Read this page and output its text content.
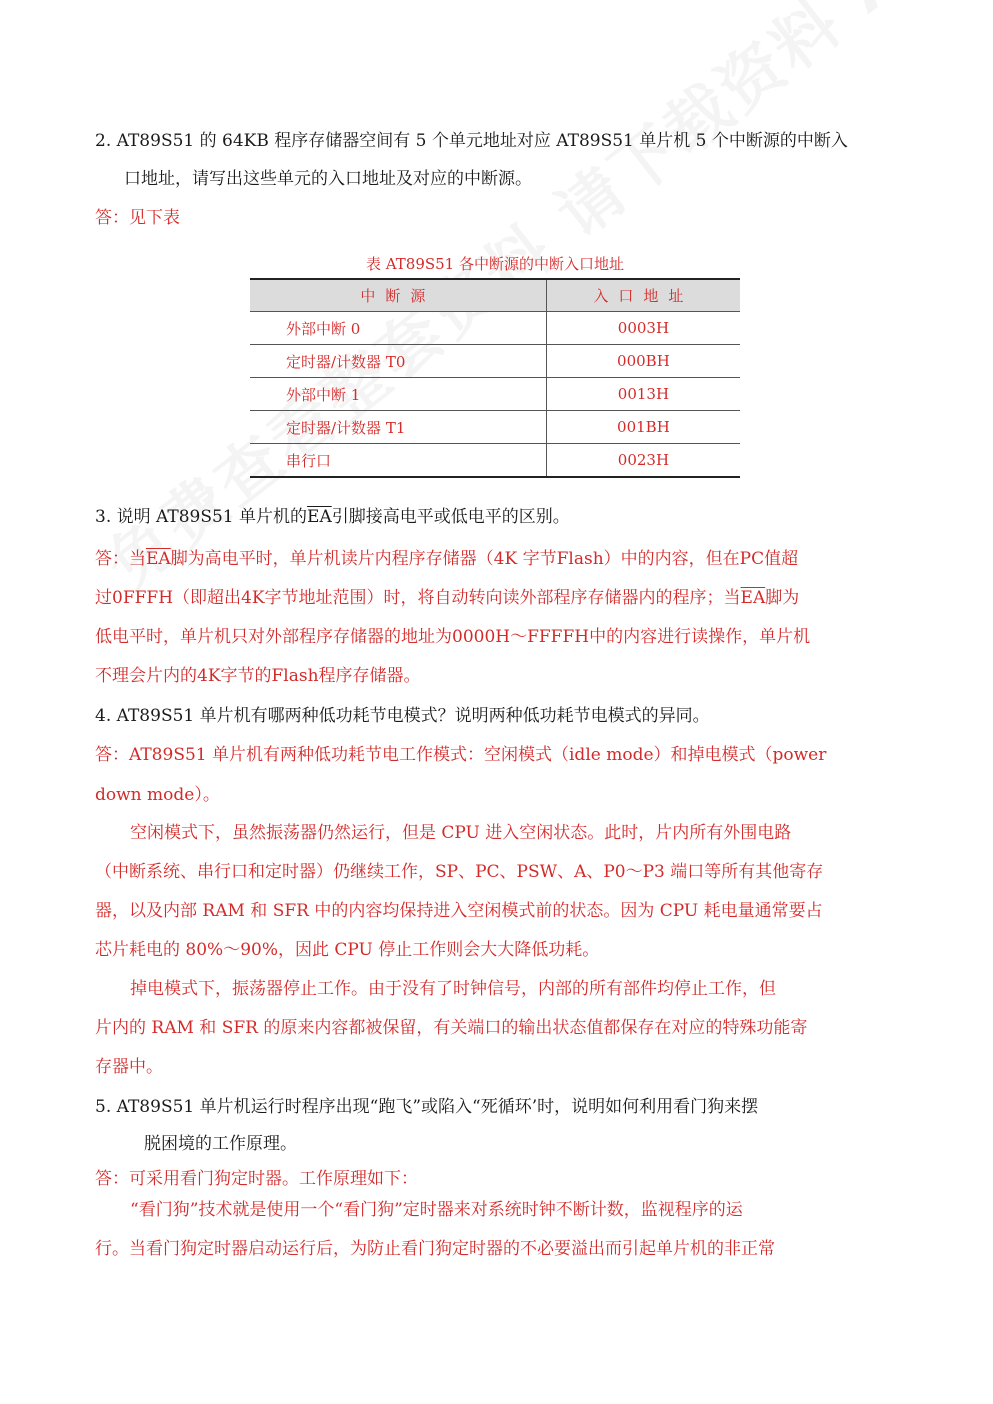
2. AT89S51 的 64KB 程序存储器空间有 5 个单元地址对应 AT89S51 单片机 5 个中断源的中断入
口地址，请写出这些单元的入口地址及对应的中断源。
答：见下表
表 AT89S51 各中断源的中断入口地址
中断源	入口地址
外部中断 0	0003H
定时器/计数器 T0	000BH
外部中断 1	0013H
定时器/计数器 T1	001BH
串行口	0023H
3. 说明 AT89S51 单片机的$\overline{EA}$引脚接高电平或低电平的区别。
答：当$\overline{EA}$脚为高电平时，单片机读片内程序存储器（4K 字节Flash）中的内容，但在PC值超
过0FFFH（即超出4K字节地址范围）时，将自动转向读外部程序存储器内的程序；当$\overline{EA}$脚为
低电平时，单片机只对外部程序存储器的地址为0000H～FFFFH中的内容进行读操作，单片机
不理会片内的4K字节的Flash程序存储器。
4. AT89S51 单片机有哪两种低功耗节电模式？说明两种低功耗节电模式的异同。
答：AT89S51 单片机有两种低功耗节电工作模式：空闲模式（idle mode）和掉电模式（power
down mode）。
空闲模式下，虽然振荡器仍然运行，但是 CPU 进入空闲状态。此时，片内所有外围电路
（中断系统、串行口和定时器）仍继续工作，SP、PC、PSW、A、P0～P3 端口等所有其他寄存
器，以及内部 RAM 和 SFR 中的内容均保持进入空闲模式前的状态。因为 CPU 耗电量通常要占
芯片耗电的 80%～90%，因此 CPU 停止工作则会大大降低功耗。
掉电模式下，振荡器停止工作。由于没有了时钟信号，内部的所有部件均停止工作，但
片内的 RAM 和 SFR 的原来内容都被保留，有关端口的输出状态值都保存在对应的特殊功能寄
存器中。
5. AT89S51 单片机运行时程序出现“跑飞”或陷入“死循环’时，说明如何利用看门狗来摆
脱困境的工作原理。
答：可采用看门狗定时器。工作原理如下：
“看门狗”技术就是使用一个“看门狗”定时器来对系统时钟不断计数，监视程序的运
行。当看门狗定时器启动运行后，为防止看门狗定时器的不必要溢出而引起单片机的非正常
